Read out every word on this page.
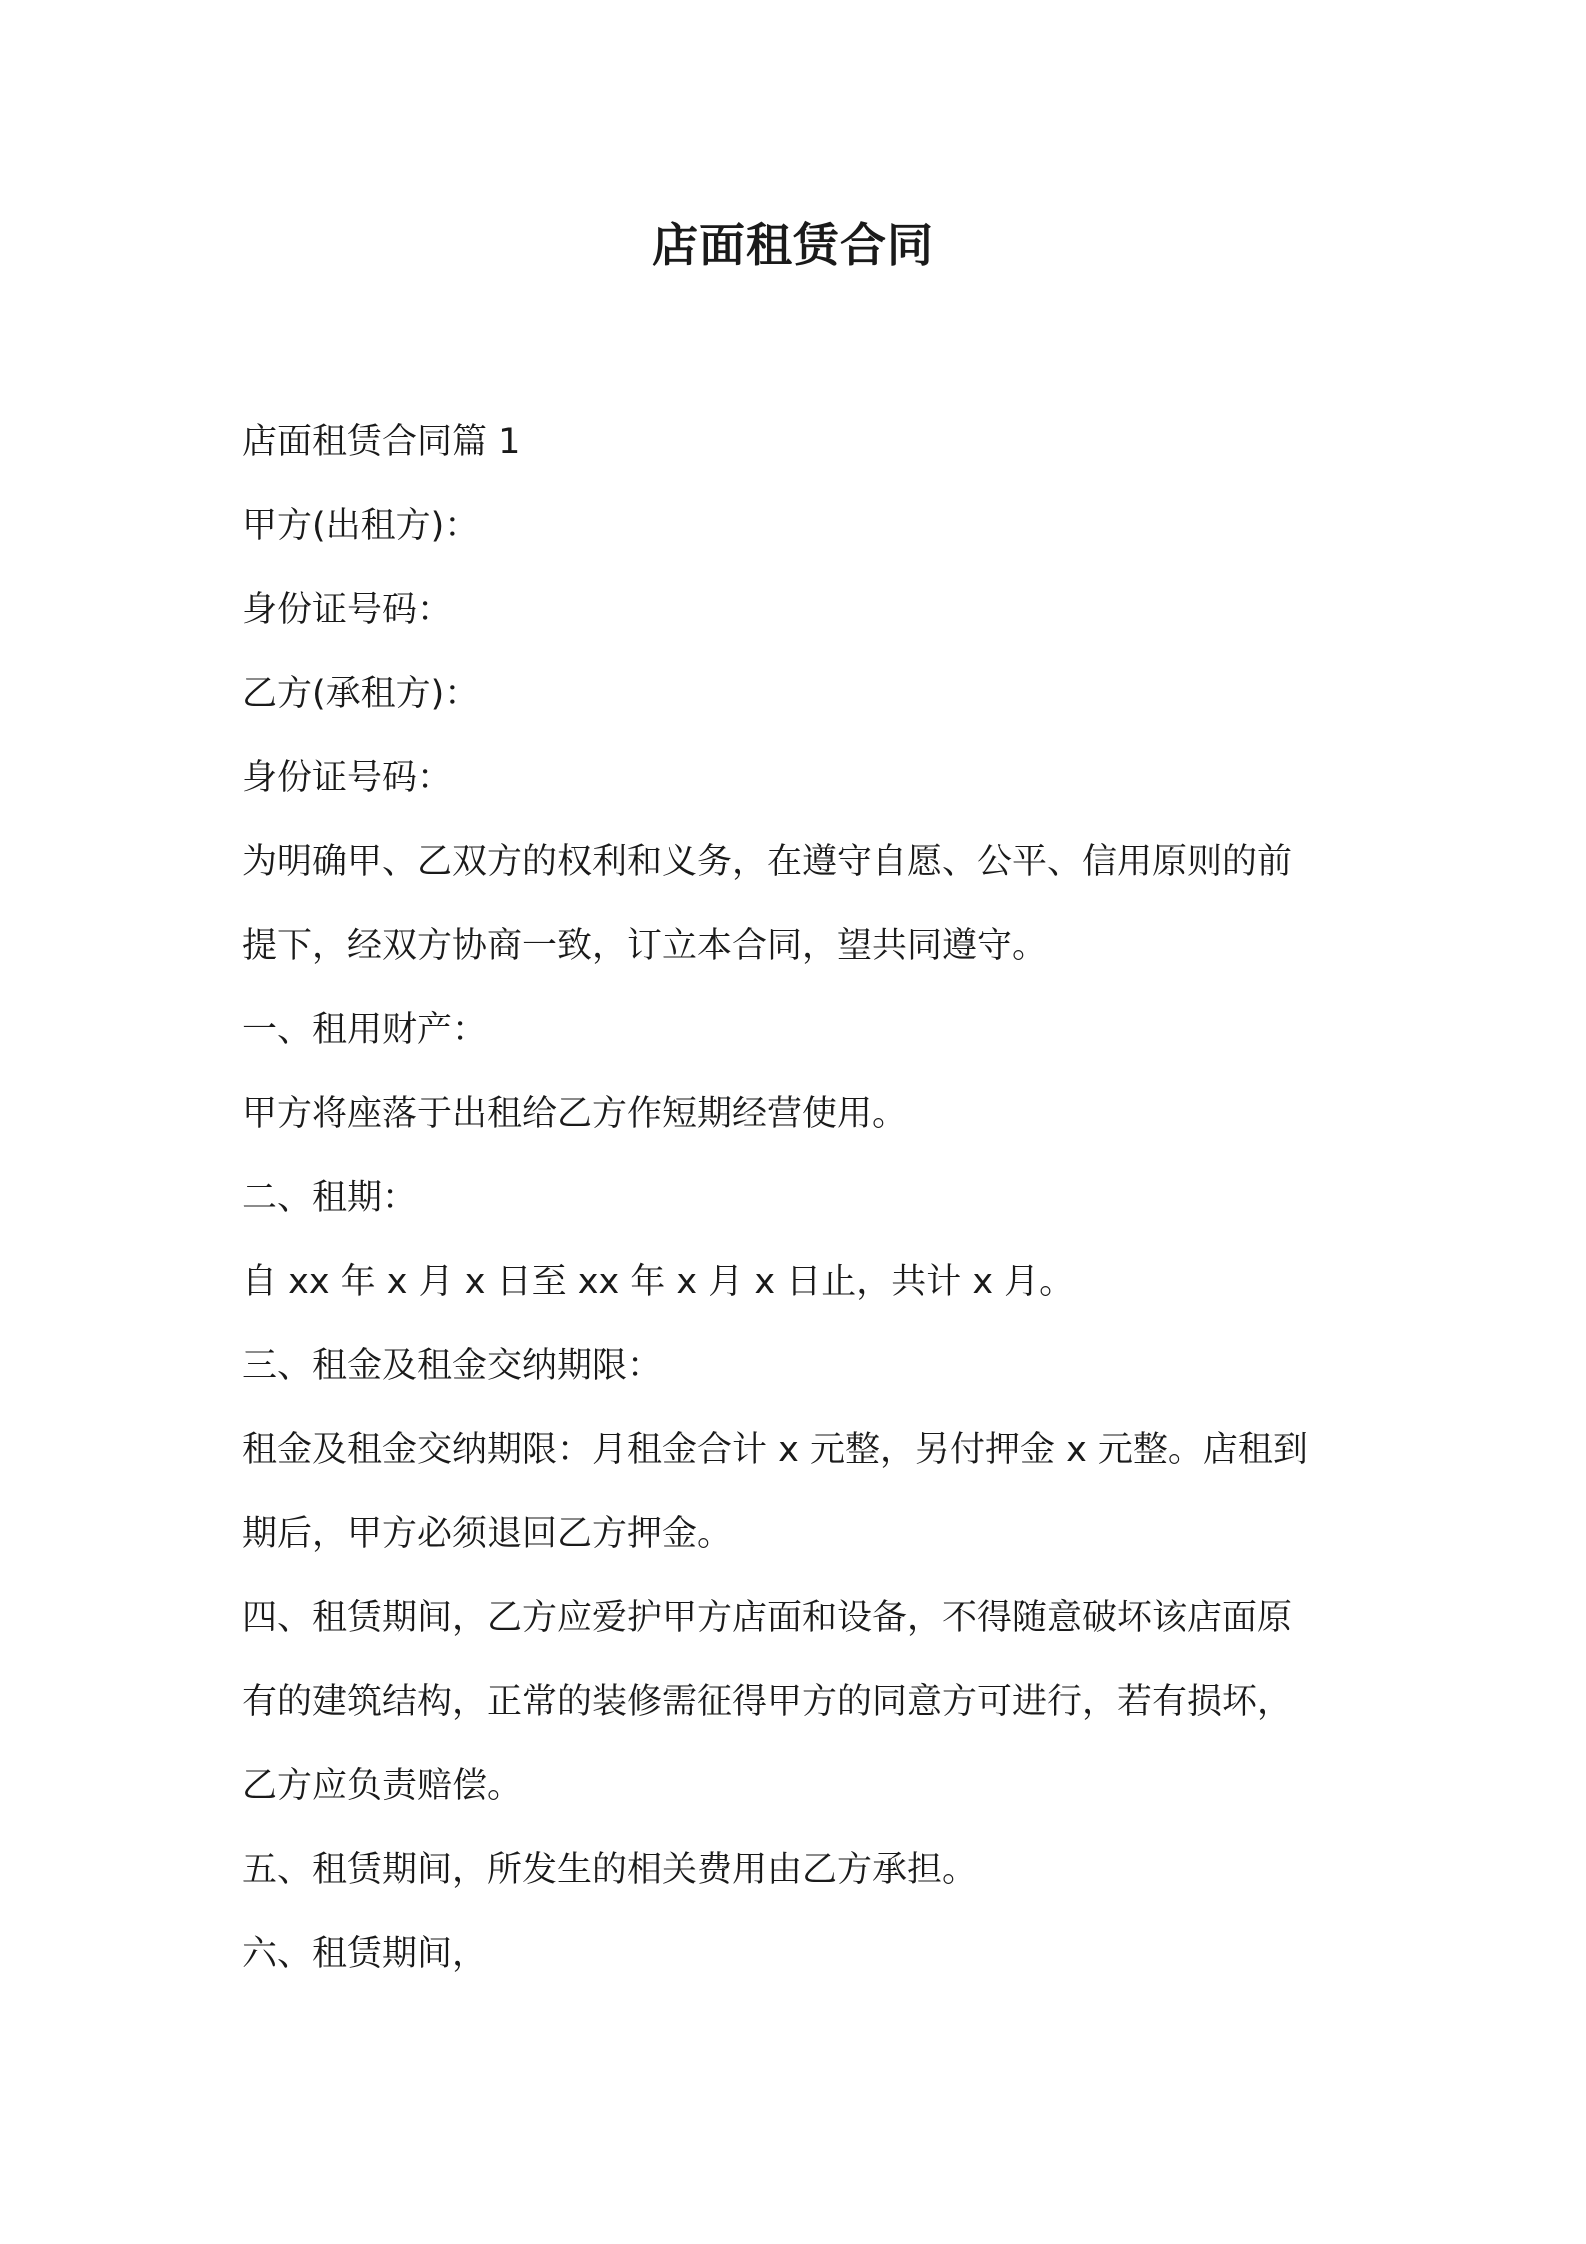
店面租赁合同

店面租赁合同篇 1

甲方(出租方)：

身份证号码：

乙方(承租方)：

身份证号码：

为明确甲、乙双方的权利和义务，在遵守自愿、公平、信用原则的前

提下，经双方协商一致，订立本合同，望共同遵守。

一、租用财产：

甲方将座落于出租给乙方作短期经营使用。

二、租期：

自 xx 年 x 月 x 日至 xx 年 x 月 x 日止，共计 x 月。

三、租金及租金交纳期限：

租金及租金交纳期限：月租金合计 x 元整，另付押金 x 元整。店租到

期后，甲方必须退回乙方押金。

四、租赁期间，乙方应爱护甲方店面和设备，不得随意破坏该店面原

有的建筑结构，正常的装修需征得甲方的同意方可进行，若有损坏，

乙方应负责赔偿。

五、租赁期间，所发生的相关费用由乙方承担。

六、租赁期间，
